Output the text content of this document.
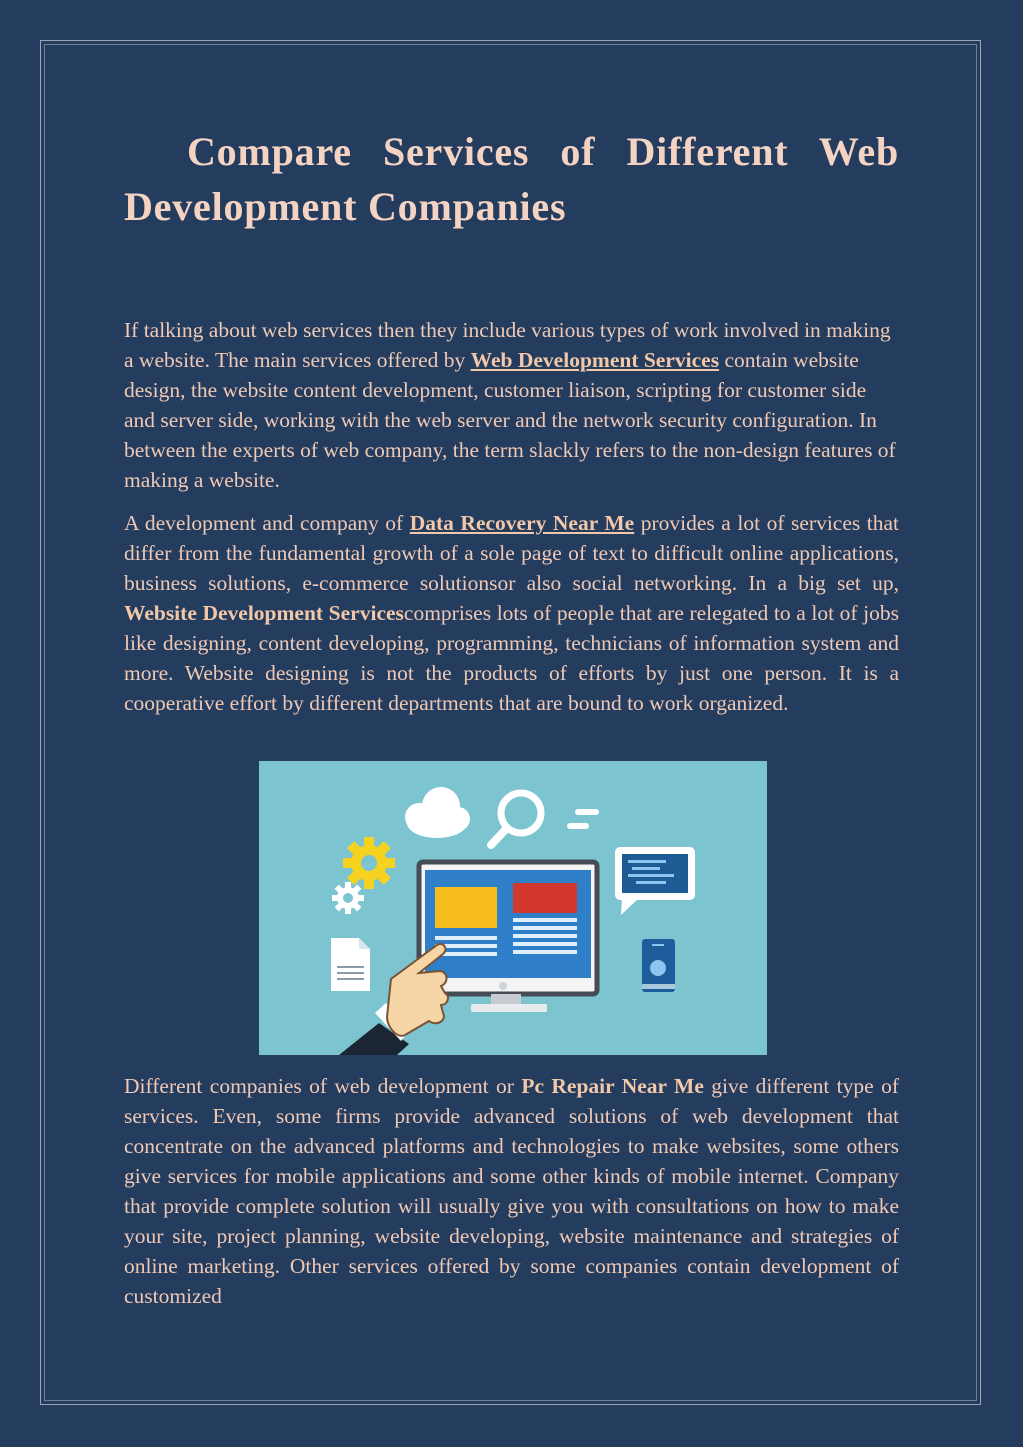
Compare Services of Different Web Development Companies

If talking about web services then they include various types of work involved in making a website. The main services offered by Web Development Services contain website design, the website content development, customer liaison, scripting for customer side and server side, working with the web server and the network security configuration. In between the experts of web company, the term slackly refers to the non-design features of making a website.

A development and company of Data Recovery Near Me provides a lot of services that differ from the fundamental growth of a sole page of text to difficult online applications, business solutions, e-commerce solutionsor also social networking. In a big set up, Website Development Servicescomprises lots of people that are relegated to a lot of jobs like designing, content developing, programming, technicians of information system and more. Website designing is not the products of efforts by just one person. It is a cooperative effort by different departments that are bound to work organized.

Different companies of web development or Pc Repair Near Me give different type of services. Even, some firms provide advanced solutions of web development that concentrate on the advanced platforms and technologies to make websites, some others give services for mobile applications and some other kinds of mobile internet. Company that provide complete solution will usually give you with consultations on how to make your site, project planning, website developing, website maintenance and strategies of online marketing. Other services offered by some companies contain development of customized
